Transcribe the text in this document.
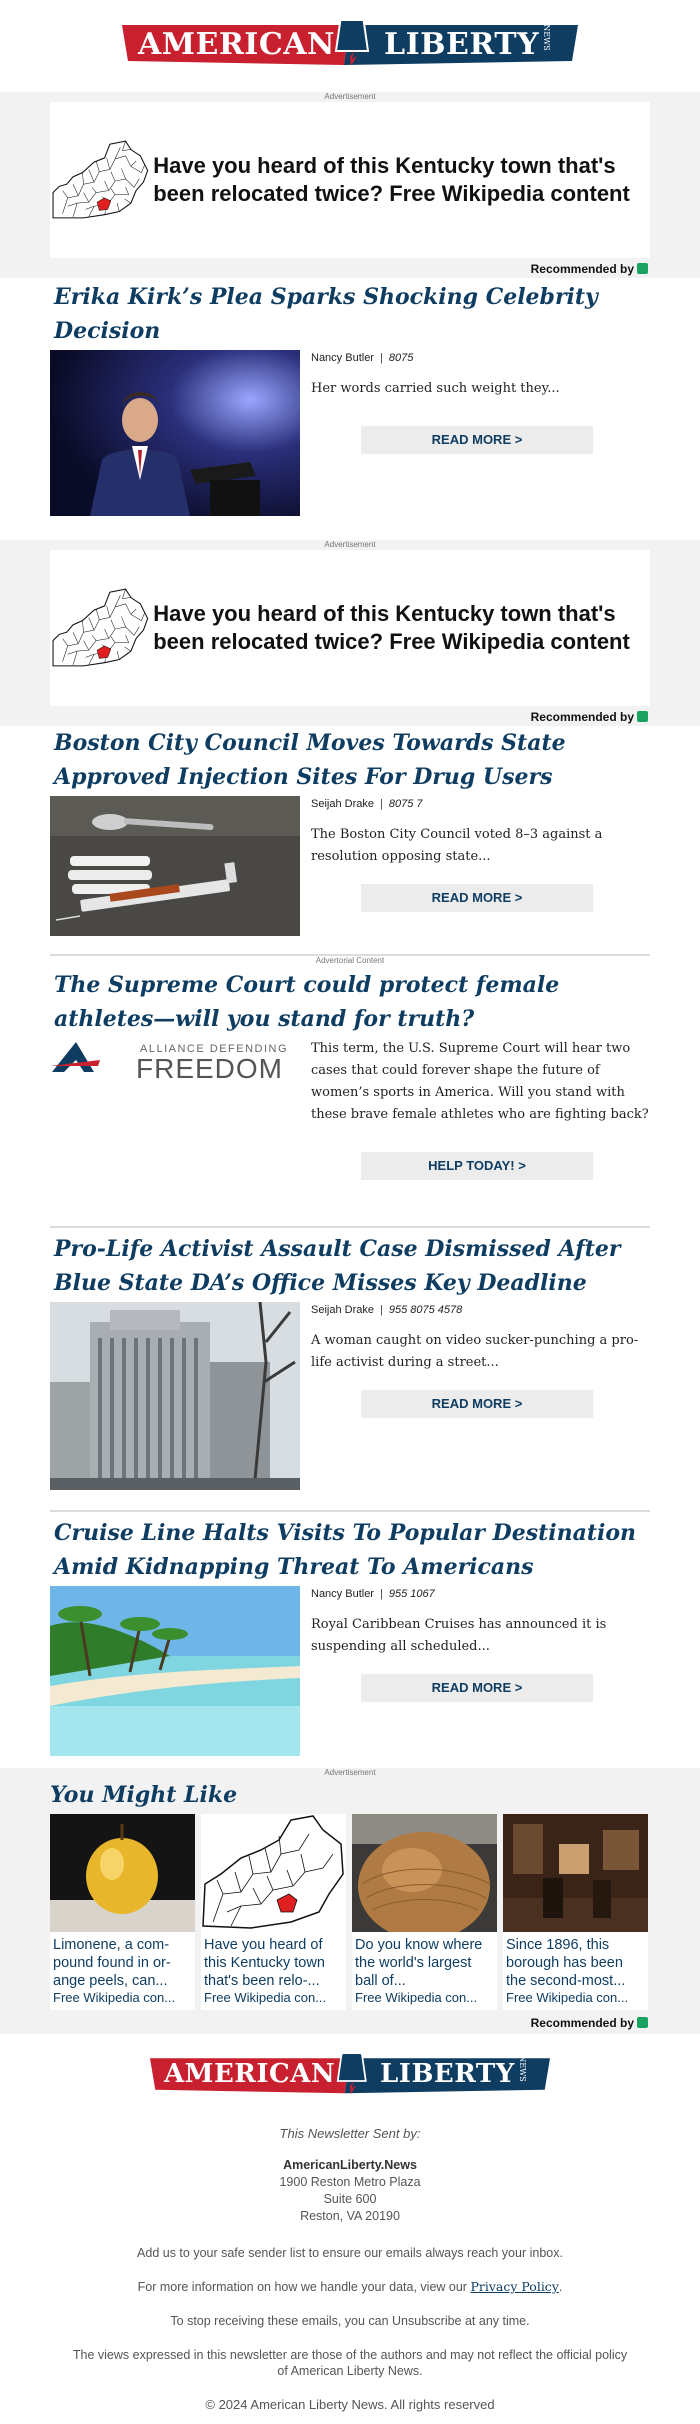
AMERICAN LIBERTY NEWS
Advertisement
Have you heard of this Kentucky town that's been relocated twice? Free Wikipedia content
Recommended by
Erika Kirk’s Plea Sparks Shocking Celebrity Decision
Nancy Butler | 8075
Her words carried such weight they...
READ MORE >
Advertisement
Have you heard of this Kentucky town that's been relocated twice? Free Wikipedia content
Recommended by
Boston City Council Moves Towards State Approved Injection Sites For Drug Users
Seijah Drake | 8075 7
The Boston City Council voted 8–3 against a resolution opposing state...
READ MORE >
Advertorial Content
The Supreme Court could protect female athletes—will you stand for truth?
ALLIANCE DEFENDING
FREEDOM
This term, the U.S. Supreme Court will hear two cases that could forever shape the future of women’s sports in America. Will you stand with these brave female athletes who are fighting back?
HELP TODAY! >
Pro-Life Activist Assault Case Dismissed After Blue State DA’s Office Misses Key Deadline
Seijah Drake | 955 8075 4578
A woman caught on video sucker-punching a pro-life activist during a street...
READ MORE >
Cruise Line Halts Visits To Popular Destination Amid Kidnapping Threat To Americans
Nancy Butler | 955 1067
Royal Caribbean Cruises has announced it is suspending all scheduled...
READ MORE >
Advertisement
You Might Like
Limonene, a com-pound found in or-ange peels, can...
Free Wikipedia con...
Have you heard of this Kentucky town that's been relo-...
Free Wikipedia con...
Do you know where the world's largest ball of...
Free Wikipedia con...
Since 1896, this borough has been the second-most...
Free Wikipedia con...
Recommended by
AMERICAN LIBERTY NEWS
This Newsletter Sent by:
AmericanLiberty.News
1900 Reston Metro Plaza
Suite 600
Reston, VA 20190
Add us to your safe sender list to ensure our emails always reach your inbox.
For more information on how we handle your data, view our Privacy Policy.
To stop receiving these emails, you can Unsubscribe at any time.
The views expressed in this newsletter are those of the authors and may not reflect the official policy of American Liberty News.
© 2024 American Liberty News. All rights reserved
